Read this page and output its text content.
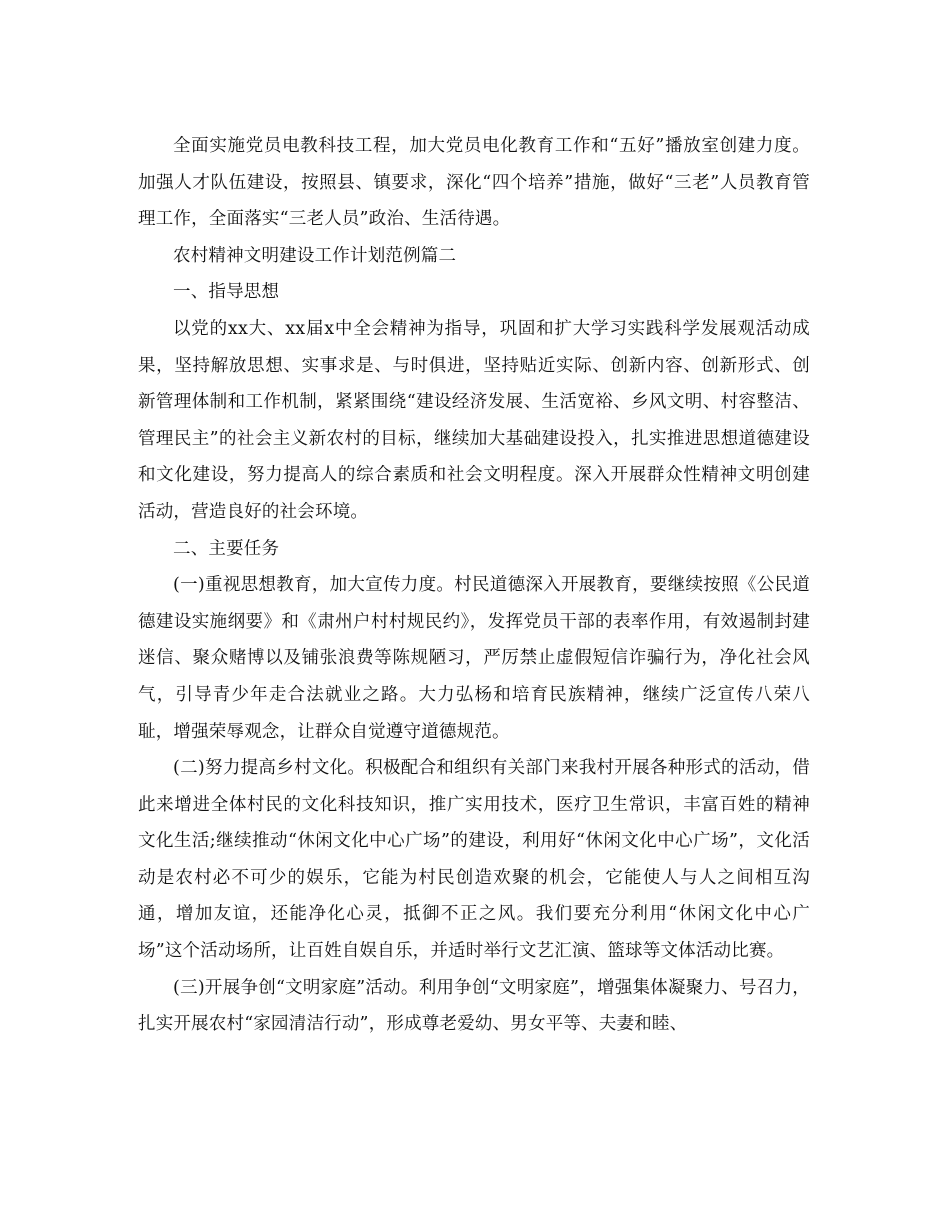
全面实施党员电教科技工程，加大党员电化教育工作和“五好”播放室创建力度。加强人才队伍建设，按照县、镇要求，深化“四个培养”措施，做好“三老”人员教育管理工作，全面落实“三老人员”政治、生活待遇。

农村精神文明建设工作计划范例篇二

一、指导思想

以党的xx大、xx届x中全会精神为指导，巩固和扩大学习实践科学发展观活动成果，坚持解放思想、实事求是、与时俱进，坚持贴近实际、创新内容、创新形式、创新管理体制和工作机制，紧紧围绕“建设经济发展、生活宽裕、乡风文明、村容整洁、管理民主”的社会主义新农村的目标，继续加大基础建设投入，扎实推进思想道德建设和文化建设，努力提高人的综合素质和社会文明程度。深入开展群众性精神文明创建活动，营造良好的社会环境。

二、主要任务

(一)重视思想教育，加大宣传力度。村民道德深入开展教育，要继续按照《公民道德建设实施纲要》和《肃州户村村规民约》，发挥党员干部的表率作用，有效遏制封建迷信、聚众赌博以及铺张浪费等陈规陋习，严厉禁止虚假短信诈骗行为，净化社会风气，引导青少年走合法就业之路。大力弘杨和培育民族精神，继续广泛宣传八荣八耻，增强荣辱观念，让群众自觉遵守道德规范。

(二)努力提高乡村文化。积极配合和组织有关部门来我村开展各种形式的活动，借此来增进全体村民的文化科技知识，推广实用技术，医疗卫生常识，丰富百姓的精神文化生活;继续推动“休闲文化中心广场”的建设，利用好“休闲文化中心广场”，文化活动是农村必不可少的娱乐，它能为村民创造欢聚的机会，它能使人与人之间相互沟通，增加友谊，还能净化心灵，抵御不正之风。我们要充分利用“休闲文化中心广场”这个活动场所，让百姓自娱自乐，并适时举行文艺汇演、篮球等文体活动比赛。

(三)开展争创“文明家庭”活动。利用争创“文明家庭”，增强集体凝聚力、号召力，扎实开展农村“家园清洁行动”，形成尊老爱幼、男女平等、夫妻和睦、
